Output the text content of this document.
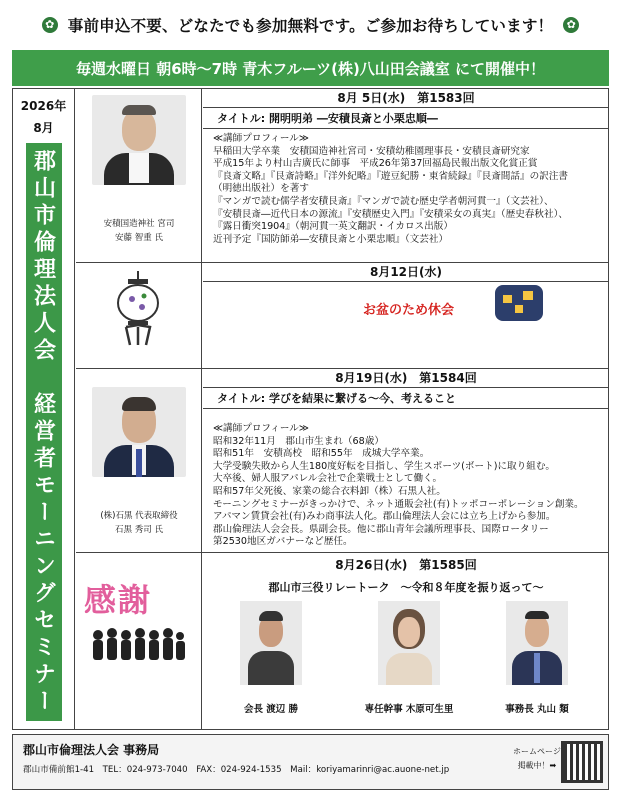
✿ 事前申込不要、どなたでも参加無料です。ご参加お待ちしています！	✿
毎週水曜日 朝6時～7時 青木フルーツ(株)八山田会議室 にて開催中！
2026年
8月
郡山市倫理法人会　経営者モーニングセミナー	安積国造神社 宮司
安藤 智重 氏
8月 5日(水)　第1583回
タイトル: 開明明弟 ―安積艮斎と小栗忠順―

≪講師プロフィール≫

早稲田大学卒業　安積国造神社宮司・安積幼稚園理事長・安積艮斎研究家

平成15年より村山吉廣氏に師事　平成26年第37回福島民報出版文化賞正賞

『良斎文略』『艮斎詩略』『洋外紀略』『遊豆紀勝・東省続録』『艮斎間話』の訳注書

（明徳出版社）を著す

『マンガで読む儒学者安積艮斎』『マンガで読む歴史学者朝河貫一』（文芸社）、

『安積艮斎―近代日本の源流』『安積歴史入門』『安積采女の真実』（歴史春秋社）、

『露日衝突1904』（朝河貫一英文翻訳・イカロス出版）

近刊予定『国防師弟―安積艮斎と小栗忠順』（文芸社）

8月12日(水)
お盆のため休会
(株)石黒 代表取締役
石黒 秀司 氏
8月19日(水)　第1584回
タイトル: 学びを結果に繋げる～今、考えること

≪講師プロフィール≫

昭和32年11月　郡山市生まれ（68歳）

昭和51年　安積高校　昭和55年　成城大学卒業。

大学受験失敗から人生180度好転を目指し、学生スポーツ(ボート)に取り組む。

大卒後、婦人服アパレル会社で企業戦士として働く。

昭和57年父死後、家業の総合衣料卸（株）石黒人社。

モーニングセミナーがきっかけで、ネット通販会社(有)トッポコーポレーション創業。

アパマン賃貸会社(有)みわ商事法人化。郡山倫理法人会には立ち上げから参加。

郡山倫理法人会会長。県副会長。他に郡山青年会議所理事長、国際ロータリー

第2530地区ガバナーなど歴任。

感謝
8月26日(水)　第1585回
郡山市三役リレートーク　～令和８年度を振り返って～
会長 渡辺 勝	専任幹事 木原可生里	事務長 丸山 類
郡山市倫理法人会 事務局
郡山市備前館1-41　TEL：024-973-7040　FAX：024-924-1535　Mail：koriyamarinri@ac.auone-net.jp
ホームページ
掲載中！➡
